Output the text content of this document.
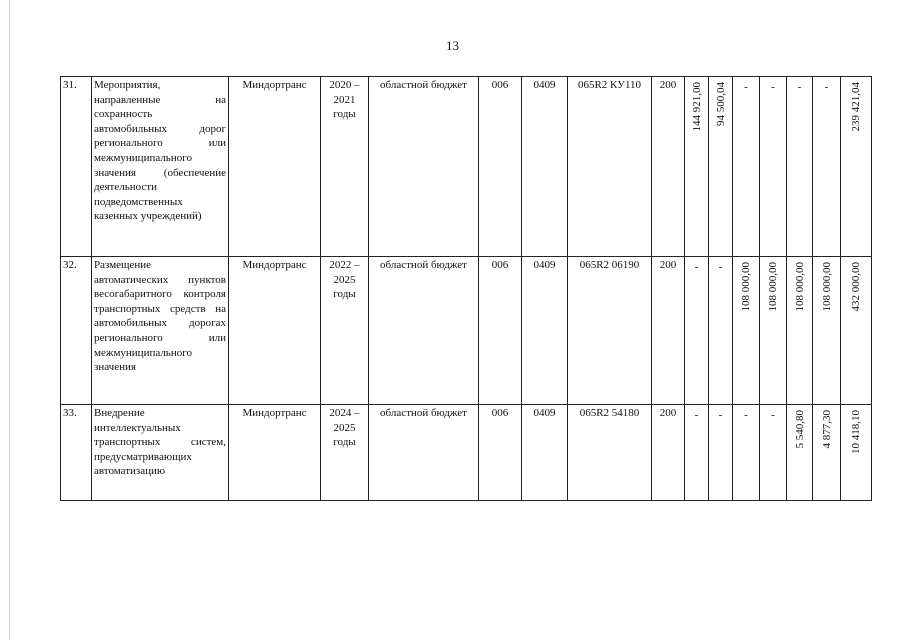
13
31.	Мероприятия, направленные на сохранность автомобильных дорог регионального или межмуниципального значения (обеспечение деятельности подведомственных казенных учреждений)	Миндортранс	2020 – 2021 годы	областной бюджет	006	0409	065R2 КУ110	200	144 921,00	94 500,04	-	-	-	-	239 421,04

32.	Размещение автоматических пунктов весогабаритного контроля транспортных средств на автомобильных дорогах регионального или межмуниципального значения	Миндортранс	2022 – 2025 годы	областной бюджет	006	0409	065R2 06190	200	-	-	108 000,00	108 000,00	108 000,00	108 000,00	432 000,00

33.	Внедрение интеллектуальных транспортных систем, предусматривающих автоматизацию	Миндортранс	2024 – 2025 годы	областной бюджет	006	0409	065R2 54180	200	-	-	-	-	5 540,80	4 877,30	10 418,10
